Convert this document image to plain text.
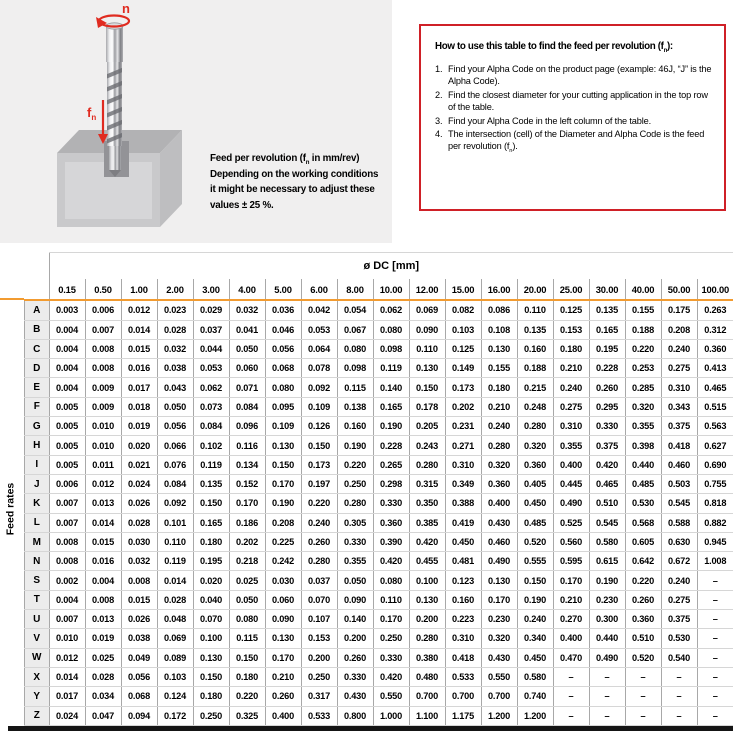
n
$f_n$
Feed per revolution ($f_n$ in mm/rev)
Depending on the working conditions
it might be necessary to adjust these
values ± 25 %.
How to use this table to find the feed per revolution $(f_n)$:
1. Find your Alpha Code on the product page (example: 46J, “J” is the Alpha Code).
2. Find the closest diameter for your cutting application in the top row of the table.
3. Find your Alpha Code in the left column of the table.
4. The intersection (cell) of the Diameter and Alpha Code is the feed per revolution $(f_n)$.
Feed rates
	ø DC [mm]																		
	0.15	0.50	1.00	2.00	3.00	4.00	5.00	6.00	8.00	10.00	12.00	15.00	16.00	20.00	25.00	30.00	40.00	50.00	100.00
A	0.003	0.006	0.012	0.023	0.029	0.032	0.036	0.042	0.054	0.062	0.069	0.082	0.086	0.110	0.125	0.135	0.155	0.175	0.263
B	0.004	0.007	0.014	0.028	0.037	0.041	0.046	0.053	0.067	0.080	0.090	0.103	0.108	0.135	0.153	0.165	0.188	0.208	0.312
C	0.004	0.008	0.015	0.032	0.044	0.050	0.056	0.064	0.080	0.098	0.110	0.125	0.130	0.160	0.180	0.195	0.220	0.240	0.360
D	0.004	0.008	0.016	0.038	0.053	0.060	0.068	0.078	0.098	0.119	0.130	0.149	0.155	0.188	0.210	0.228	0.253	0.275	0.413
E	0.004	0.009	0.017	0.043	0.062	0.071	0.080	0.092	0.115	0.140	0.150	0.173	0.180	0.215	0.240	0.260	0.285	0.310	0.465
F	0.005	0.009	0.018	0.050	0.073	0.084	0.095	0.109	0.138	0.165	0.178	0.202	0.210	0.248	0.275	0.295	0.320	0.343	0.515
G	0.005	0.010	0.019	0.056	0.084	0.096	0.109	0.126	0.160	0.190	0.205	0.231	0.240	0.280	0.310	0.330	0.355	0.375	0.563
H	0.005	0.010	0.020	0.066	0.102	0.116	0.130	0.150	0.190	0.228	0.243	0.271	0.280	0.320	0.355	0.375	0.398	0.418	0.627
I	0.005	0.011	0.021	0.076	0.119	0.134	0.150	0.173	0.220	0.265	0.280	0.310	0.320	0.360	0.400	0.420	0.440	0.460	0.690
J	0.006	0.012	0.024	0.084	0.135	0.152	0.170	0.197	0.250	0.298	0.315	0.349	0.360	0.405	0.445	0.465	0.485	0.503	0.755
K	0.007	0.013	0.026	0.092	0.150	0.170	0.190	0.220	0.280	0.330	0.350	0.388	0.400	0.450	0.490	0.510	0.530	0.545	0.818
L	0.007	0.014	0.028	0.101	0.165	0.186	0.208	0.240	0.305	0.360	0.385	0.419	0.430	0.485	0.525	0.545	0.568	0.588	0.882
M	0.008	0.015	0.030	0.110	0.180	0.202	0.225	0.260	0.330	0.390	0.420	0.450	0.460	0.520	0.560	0.580	0.605	0.630	0.945
N	0.008	0.016	0.032	0.119	0.195	0.218	0.242	0.280	0.355	0.420	0.455	0.481	0.490	0.555	0.595	0.615	0.642	0.672	1.008
S	0.002	0.004	0.008	0.014	0.020	0.025	0.030	0.037	0.050	0.080	0.100	0.123	0.130	0.150	0.170	0.190	0.220	0.240	–
T	0.004	0.008	0.015	0.028	0.040	0.050	0.060	0.070	0.090	0.110	0.130	0.160	0.170	0.190	0.210	0.230	0.260	0.275	–
U	0.007	0.013	0.026	0.048	0.070	0.080	0.090	0.107	0.140	0.170	0.200	0.223	0.230	0.240	0.270	0.300	0.360	0.375	–
V	0.010	0.019	0.038	0.069	0.100	0.115	0.130	0.153	0.200	0.250	0.280	0.310	0.320	0.340	0.400	0.440	0.510	0.530	–
W	0.012	0.025	0.049	0.089	0.130	0.150	0.170	0.200	0.260	0.330	0.380	0.418	0.430	0.450	0.470	0.490	0.520	0.540	–
X	0.014	0.028	0.056	0.103	0.150	0.180	0.210	0.250	0.330	0.420	0.480	0.533	0.550	0.580	–	–	–	–	–
Y	0.017	0.034	0.068	0.124	0.180	0.220	0.260	0.317	0.430	0.550	0.700	0.700	0.700	0.740	–	–	–	–	–
Z	0.024	0.047	0.094	0.172	0.250	0.325	0.400	0.533	0.800	1.000	1.100	1.175	1.200	1.200	–	–	–	–	–
